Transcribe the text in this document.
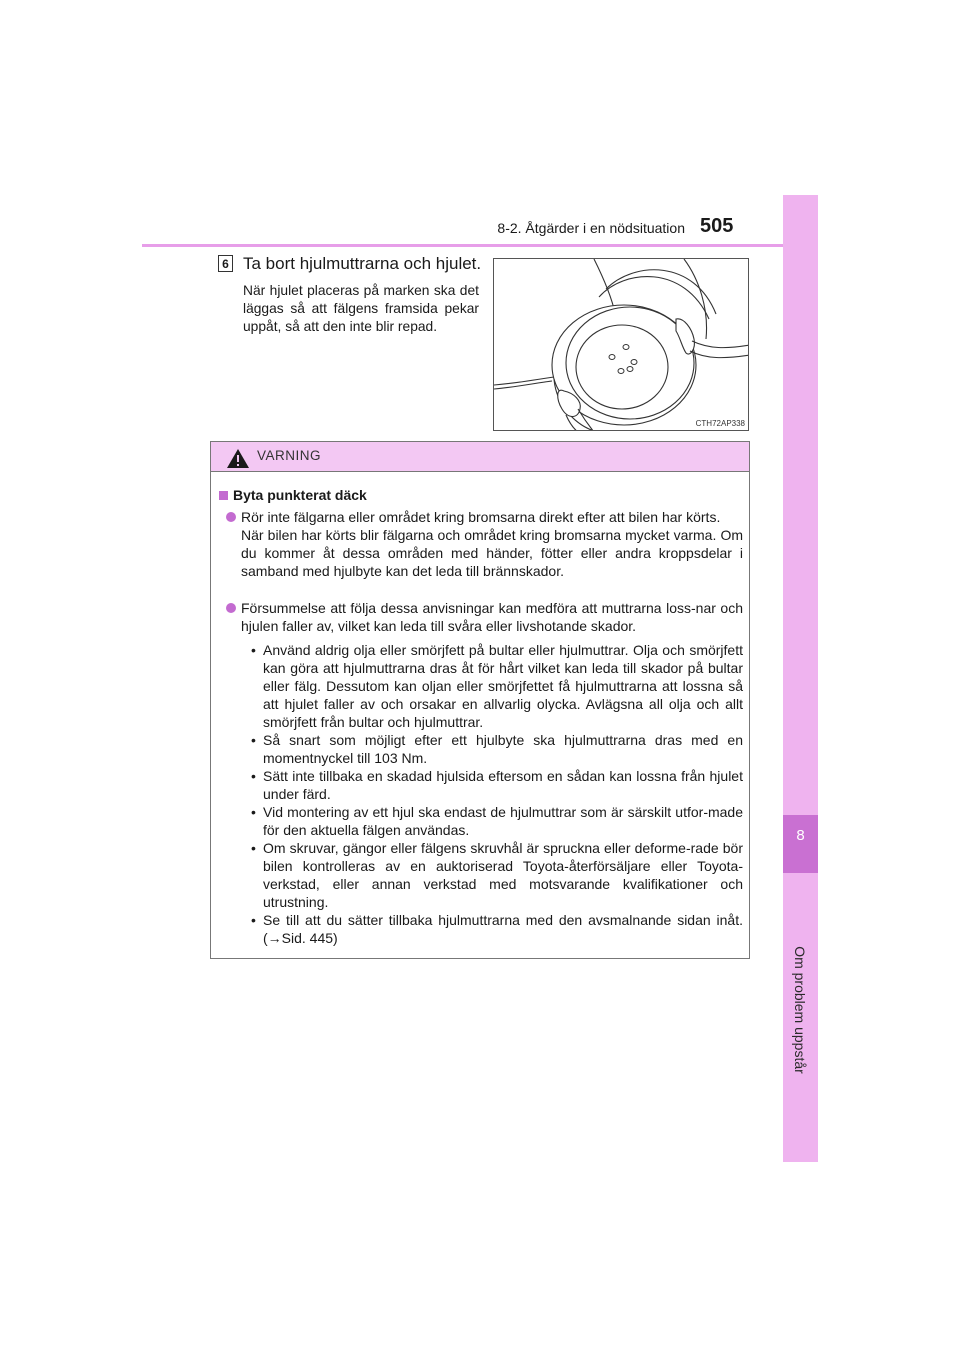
8-2. Åtgärder i en nödsituation 505
8
Om problem uppstår
6 Ta bort hjulmuttrarna och hjulet.
När hjulet placeras på marken ska det läggas så att fälgens framsida pekar uppåt, så att den inte blir repad.
CTH72AP338
VARNING
Byta punkterat däck
Rör inte fälgarna eller området kring bromsarna direkt efter att bilen har körts.
När bilen har körts blir fälgarna och området kring bromsarna mycket varma. Om du kommer åt dessa områden med händer, fötter eller andra kroppsdelar i samband med hjulbyte kan det leda till brännskador.
Försummelse att följa dessa anvisningar kan medföra att muttrarna loss-nar och hjulen faller av, vilket kan leda till svåra eller livshotande skador.
• Använd aldrig olja eller smörjfett på bultar eller hjulmuttrar. Olja och smörjfett kan göra att hjulmuttrarna dras åt för hårt vilket kan leda till skador på bultar eller fälg. Dessutom kan oljan eller smörjfettet få hjulmuttrarna att lossna så att hjulet faller av och orsakar en allvarlig olycka. Avlägsna all olja och allt smörjfett från bultar och hjulmuttrar.
• Så snart som möjligt efter ett hjulbyte ska hjulmuttrarna dras med en momentnyckel till 103 Nm.
• Sätt inte tillbaka en skadad hjulsida eftersom en sådan kan lossna från hjulet under färd.
• Vid montering av ett hjul ska endast de hjulmuttrar som är särskilt utfor-made för den aktuella fälgen användas.
• Om skruvar, gängor eller fälgens skruvhål är spruckna eller deforme-rade bör bilen kontrolleras av en auktoriserad Toyota-återförsäljare eller Toyota-verkstad, eller annan verkstad med motsvarande kvalifikationer och utrustning.
• Se till att du sätter tillbaka hjulmuttrarna med den avsmalnande sidan inåt. (→Sid. 445)
